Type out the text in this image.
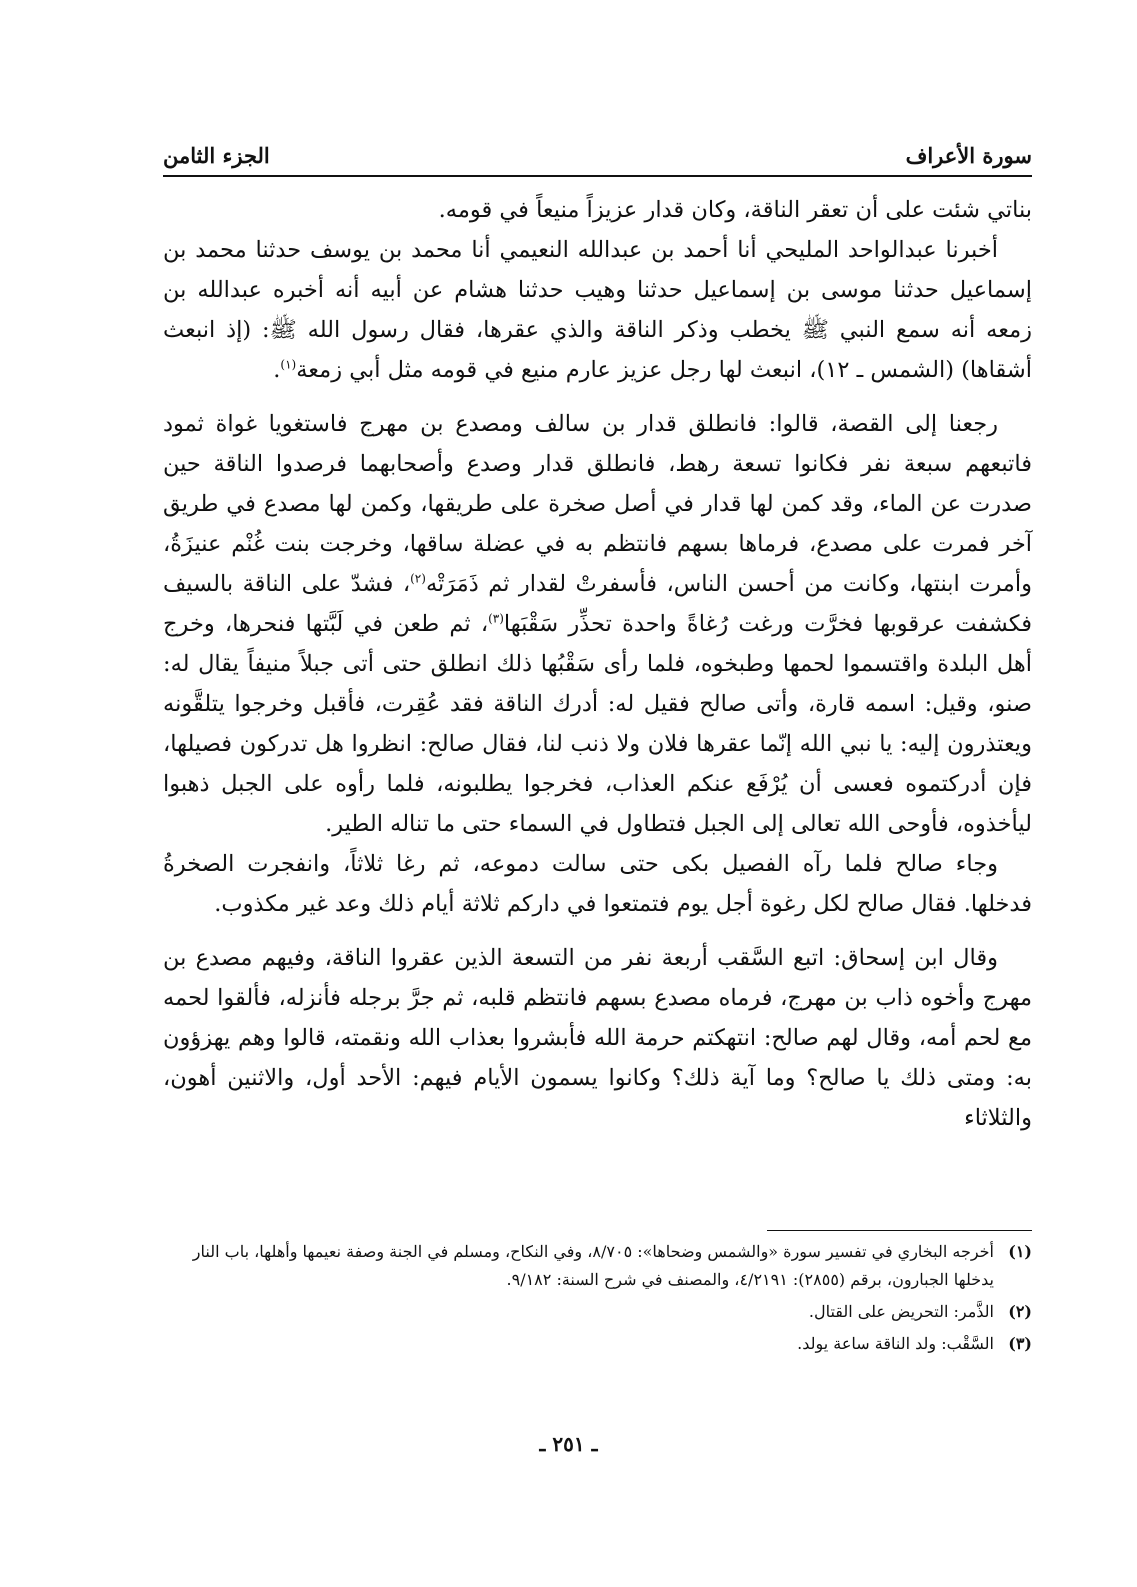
سورة الأعراف
الجزء الثامن

بناتي شئت على أن تعقر الناقة، وكان قدار عزيزاً منيعاً في قومه.

أخبرنا عبدالواحد المليحي أنا أحمد بن عبدالله النعيمي أنا محمد بن يوسف حدثنا محمد بن إسماعيل حدثنا موسى بن إسماعيل حدثنا وهيب حدثنا هشام عن أبيه أنه أخبره عبدالله بن زمعه أنه سمع النبي ﷺ يخطب وذكر الناقة والذي عقرها، فقال رسول الله ﷺ: (إذ انبعث أشقاها) (الشمس ـ ١٢)، انبعث لها رجل عزيز عارم منيع في قومه مثل أبي زمعة$^{(١)}$.

رجعنا إلى القصة، قالوا: فانطلق قدار بن سالف ومصدع بن مهرج فاستغويا غواة ثمود فاتبعهم سبعة نفر فكانوا تسعة رهط، فانطلق قدار وصدع وأصحابهما فرصدوا الناقة حين صدرت عن الماء، وقد كمن لها قدار في أصل صخرة على طريقها، وكمن لها مصدع في طريق آخر فمرت على مصدع، فرماها بسهم فانتظم به في عضلة ساقها، وخرجت بنت غُنْم عنيزَةُ، وأمرت ابنتها، وكانت من أحسن الناس، فأسفرتْ لقدار ثم ذَمَرَتْه$^{(٢)}$، فشدّ على الناقة بالسيف فكشفت عرقوبها فخرَّت ورغت رُغاةً واحدة تحذِّر سَقْبَها$^{(٣)}$، ثم طعن في لَبَّتها فنحرها، وخرج أهل البلدة واقتسموا لحمها وطبخوه، فلما رأى سَقْبُها ذلك انطلق حتى أتى جبلاً منيفاً يقال له: صنو، وقيل: اسمه قارة، وأتى صالح فقيل له: أدرك الناقة فقد عُقِرت، فأقبل وخرجوا يتلقَّونه ويعتذرون إليه: يا نبي الله إنّما عقرها فلان ولا ذنب لنا، فقال صالح: انظروا هل تدركون فصيلها، فإن أدركتموه فعسى أن يُرْفَع عنكم العذاب، فخرجوا يطلبونه، فلما رأوه على الجبل ذهبوا ليأخذوه، فأوحى الله تعالى إلى الجبل فتطاول في السماء حتى ما تناله الطير.

وجاء صالح فلما رآه الفصيل بكى حتى سالت دموعه، ثم رغا ثلاثاً، وانفجرت الصخرةُ فدخلها. فقال صالح لكل رغوة أجل يوم فتمتعوا في داركم ثلاثة أيام ذلك وعد غير مكذوب.

وقال ابن إسحاق: اتبع السَّقب أربعة نفر من التسعة الذين عقروا الناقة، وفيهم مصدع بن مهرج وأخوه ذاب بن مهرج، فرماه مصدع بسهم فانتظم قلبه، ثم جرَّ برجله فأنزله، فألقوا لحمه مع لحم أمه، وقال لهم صالح: انتهكتم حرمة الله فأبشروا بعذاب الله ونقمته، قالوا وهم يهزؤون به: ومتى ذلك يا صالح؟ وما آية ذلك؟ وكانوا يسمون الأيام فيهم: الأحد أول، والاثنين أهون، والثلاثاء

(١)
أخرجه البخاري في تفسير سورة «والشمس وضحاها»: ٨/٧٠٥، وفي النكاح، ومسلم في الجنة وصفة نعيمها وأهلها، باب النار يدخلها الجبارون، برقم (٢٨٥٥): ٤/٢١٩١، والمصنف في شرح السنة: ٩/١٨٢.
(٢)
الذَّمر: التحريض على القتال.
(٣)
السَّقْب: ولد الناقة ساعة يولد.
ـ ٢٥١ ـ
